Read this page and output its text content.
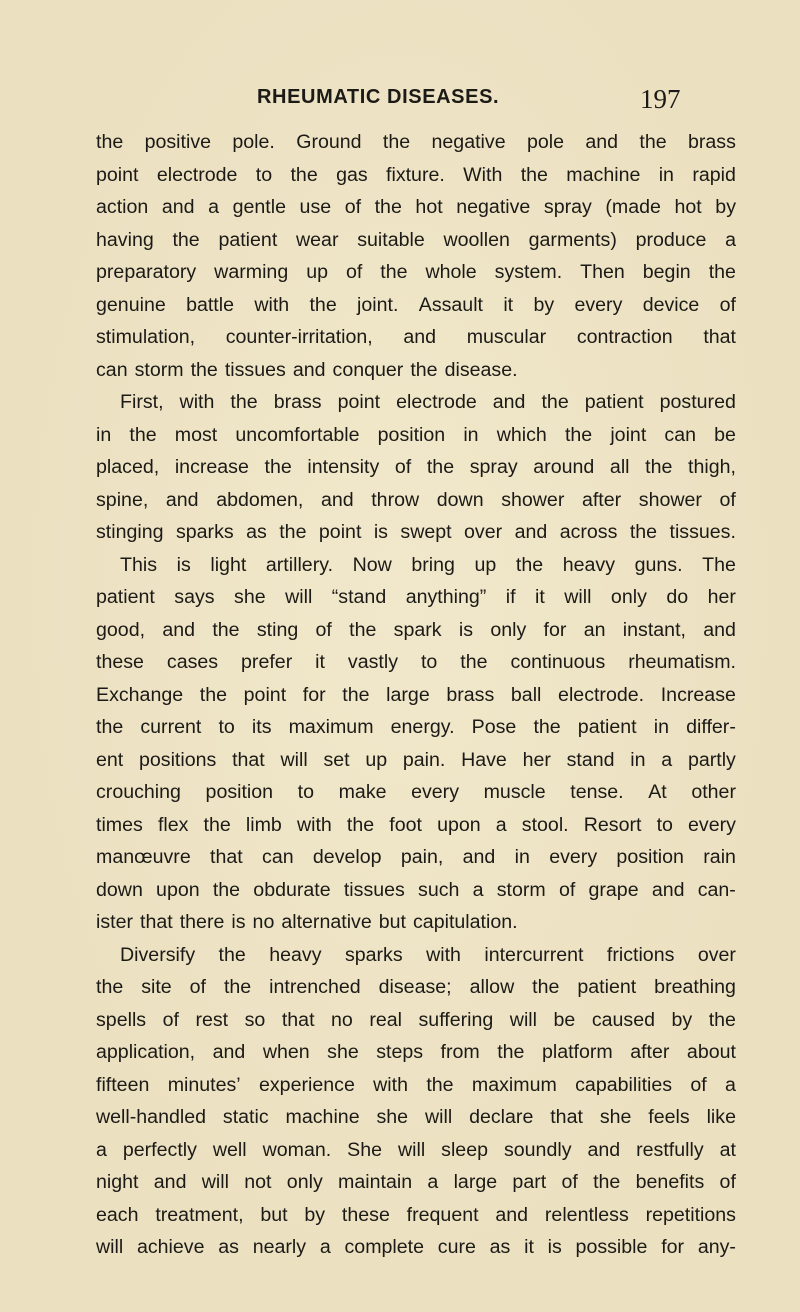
RHEUMATIC DISEASES.	197
the positive pole. Ground the negative pole and the brass
point electrode to the gas fixture. With the machine in rapid
action and a gentle use of the hot negative spray (made hot by
having the patient wear suitable woollen garments) produce a
preparatory warming up of the whole system. Then begin the
genuine battle with the joint. Assault it by every device of
stimulation, counter-irritation, and muscular contraction that
can storm the tissues and conquer the disease.
First, with the brass point electrode and the patient postured
in the most uncomfortable position in which the joint can be
placed, increase the intensity of the spray around all the thigh,
spine, and abdomen, and throw down shower after shower of
stinging sparks as the point is swept over and across the tissues.
This is light artillery. Now bring up the heavy guns. The
patient says she will “stand anything” if it will only do her
good, and the sting of the spark is only for an instant, and
these cases prefer it vastly to the continuous rheumatism.
Exchange the point for the large brass ball electrode. Increase
the current to its maximum energy. Pose the patient in differ-
ent positions that will set up pain. Have her stand in a partly
crouching position to make every muscle tense. At other
times flex the limb with the foot upon a stool. Resort to every
manœuvre that can develop pain, and in every position rain
down upon the obdurate tissues such a storm of grape and can-
ister that there is no alternative but capitulation.
Diversify the heavy sparks with intercurrent frictions over
the site of the intrenched disease; allow the patient breathing
spells of rest so that no real suffering will be caused by the
application, and when she steps from the platform after about
fifteen minutes’ experience with the maximum capabilities of a
well-handled static machine she will declare that she feels like
a perfectly well woman. She will sleep soundly and restfully at
night and will not only maintain a large part of the benefits of
each treatment, but by these frequent and relentless repetitions
will achieve as nearly a complete cure as it is possible for any-
